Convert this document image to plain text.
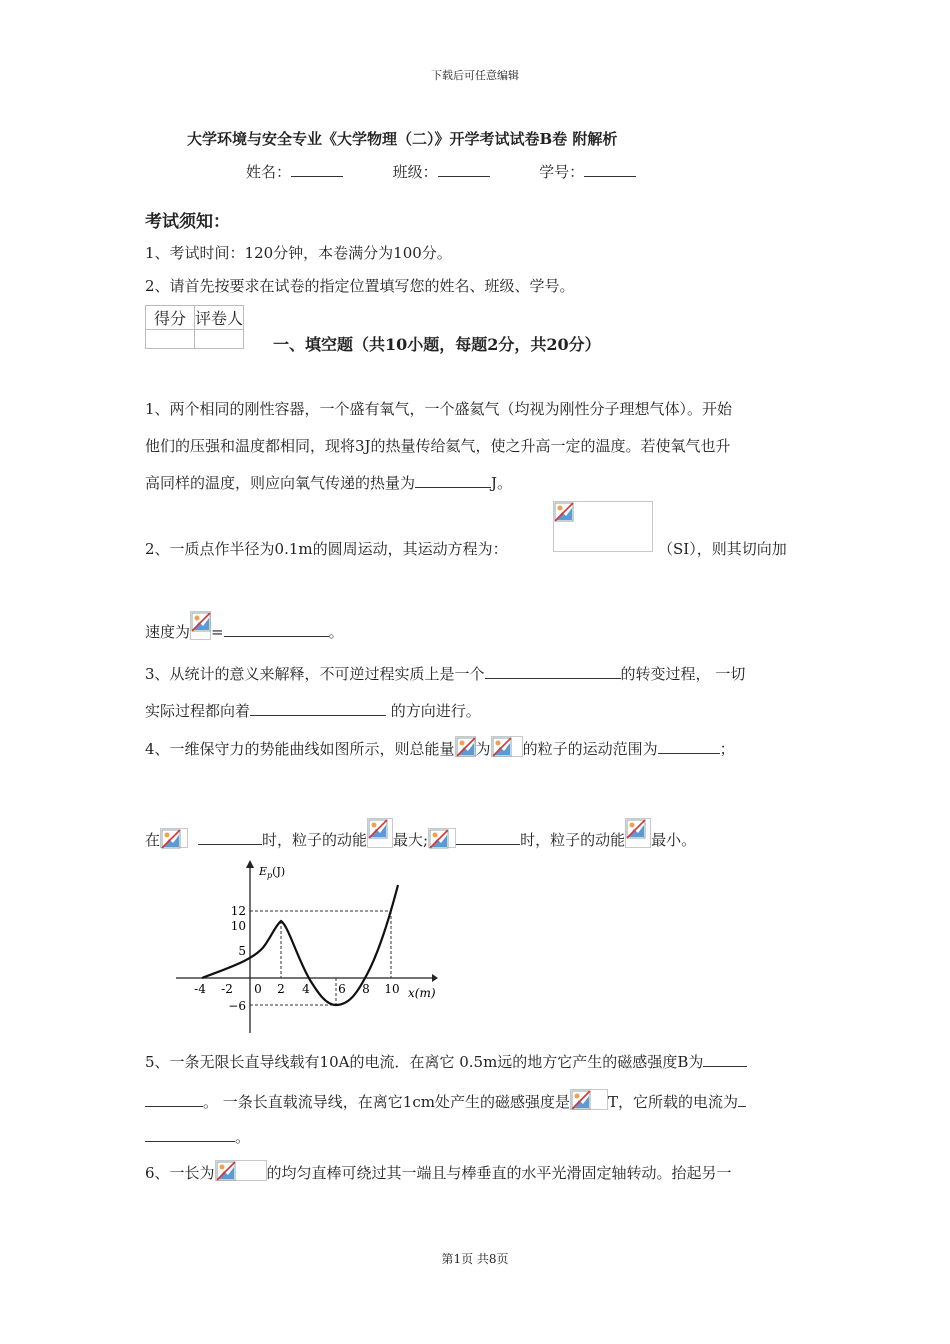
下载后可任意编辑
大学环境与安全专业《大学物理（二）》开学考试试卷B卷 附解析
姓名：	班级：	学号：
考试须知：
1、考试时间：120分钟，本卷满分为100分。
2、请首先按要求在试卷的指定位置填写您的姓名、班级、学号。
得分	评卷人

一、填空题（共10小题，每题2分，共20分）
1、两个相同的刚性容器，一个盛有氧气，一个盛氦气（均视为刚性分子理想气体）。开始
他们的压强和温度都相同，现将3J的热量传给氦气，使之升高一定的温度。若使氧气也升
高同样的温度，则应向氧气传递的热量为	J。
2、一质点作半径为0.1m的圆周运动，其运动方程为：	（SI），则其切向加
速度为 =	。
3、从统计的意义来解释，不可逆过程实质上是一个	的转变过程， 一切
实际过程都向着	的方向进行。
4、一维保守力的势能曲线如图所示，则总能量 为 的粒子的运动范围为	；
在	时，粒子的动能 最大;	时，粒子的动能 最小。
$E_p(J)$
12
10
5
−6
-4 -2 0 2 4 6 8 10 x(m)
5、一条无限长直导线载有10A的电流．在离它 0.5m远的地方它产生的磁感强度B为
。 一条长直载流导线，在离它1cm处产生的磁感强度是	T，它所载的电流为
。
6、一长为	的均匀直棒可绕过其一端且与棒垂直的水平光滑固定轴转动。抬起另一
第1页 共8页
